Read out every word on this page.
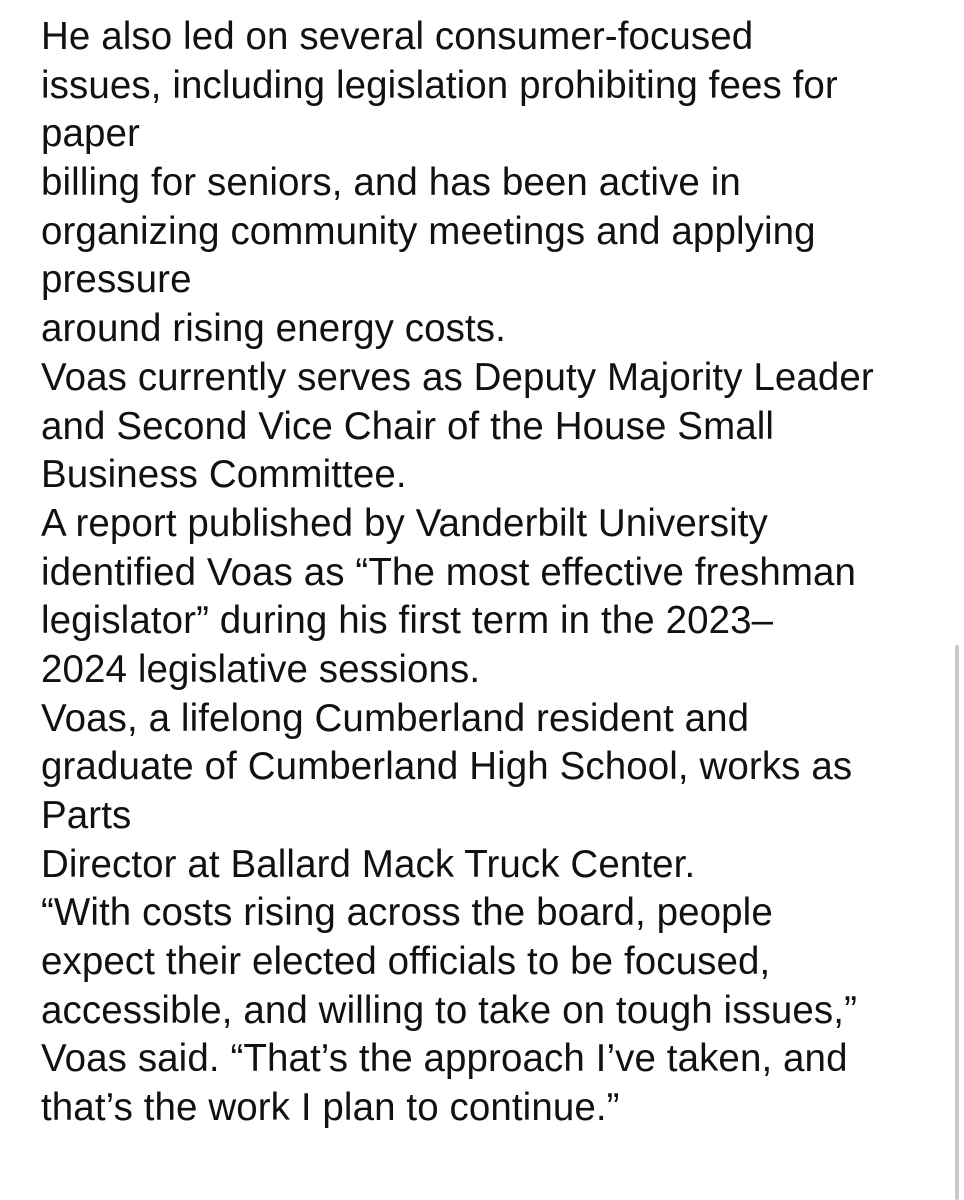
He also led on several consumer-focused
issues, including legislation prohibiting fees for
paper
billing for seniors, and has been active in
organizing community meetings and applying
pressure
around rising energy costs.
Voas currently serves as Deputy Majority Leader
and Second Vice Chair of the House Small
Business Committee.
A report published by Vanderbilt University
identified Voas as “The most effective freshman
legislator” during his first term in the 2023–
2024 legislative sessions.
Voas, a lifelong Cumberland resident and
graduate of Cumberland High School, works as
Parts
Director at Ballard Mack Truck Center.
“With costs rising across the board, people
expect their elected officials to be focused,
accessible, and willing to take on tough issues,”
Voas said. “That’s the approach I’ve taken, and
that’s the work I plan to continue.”
